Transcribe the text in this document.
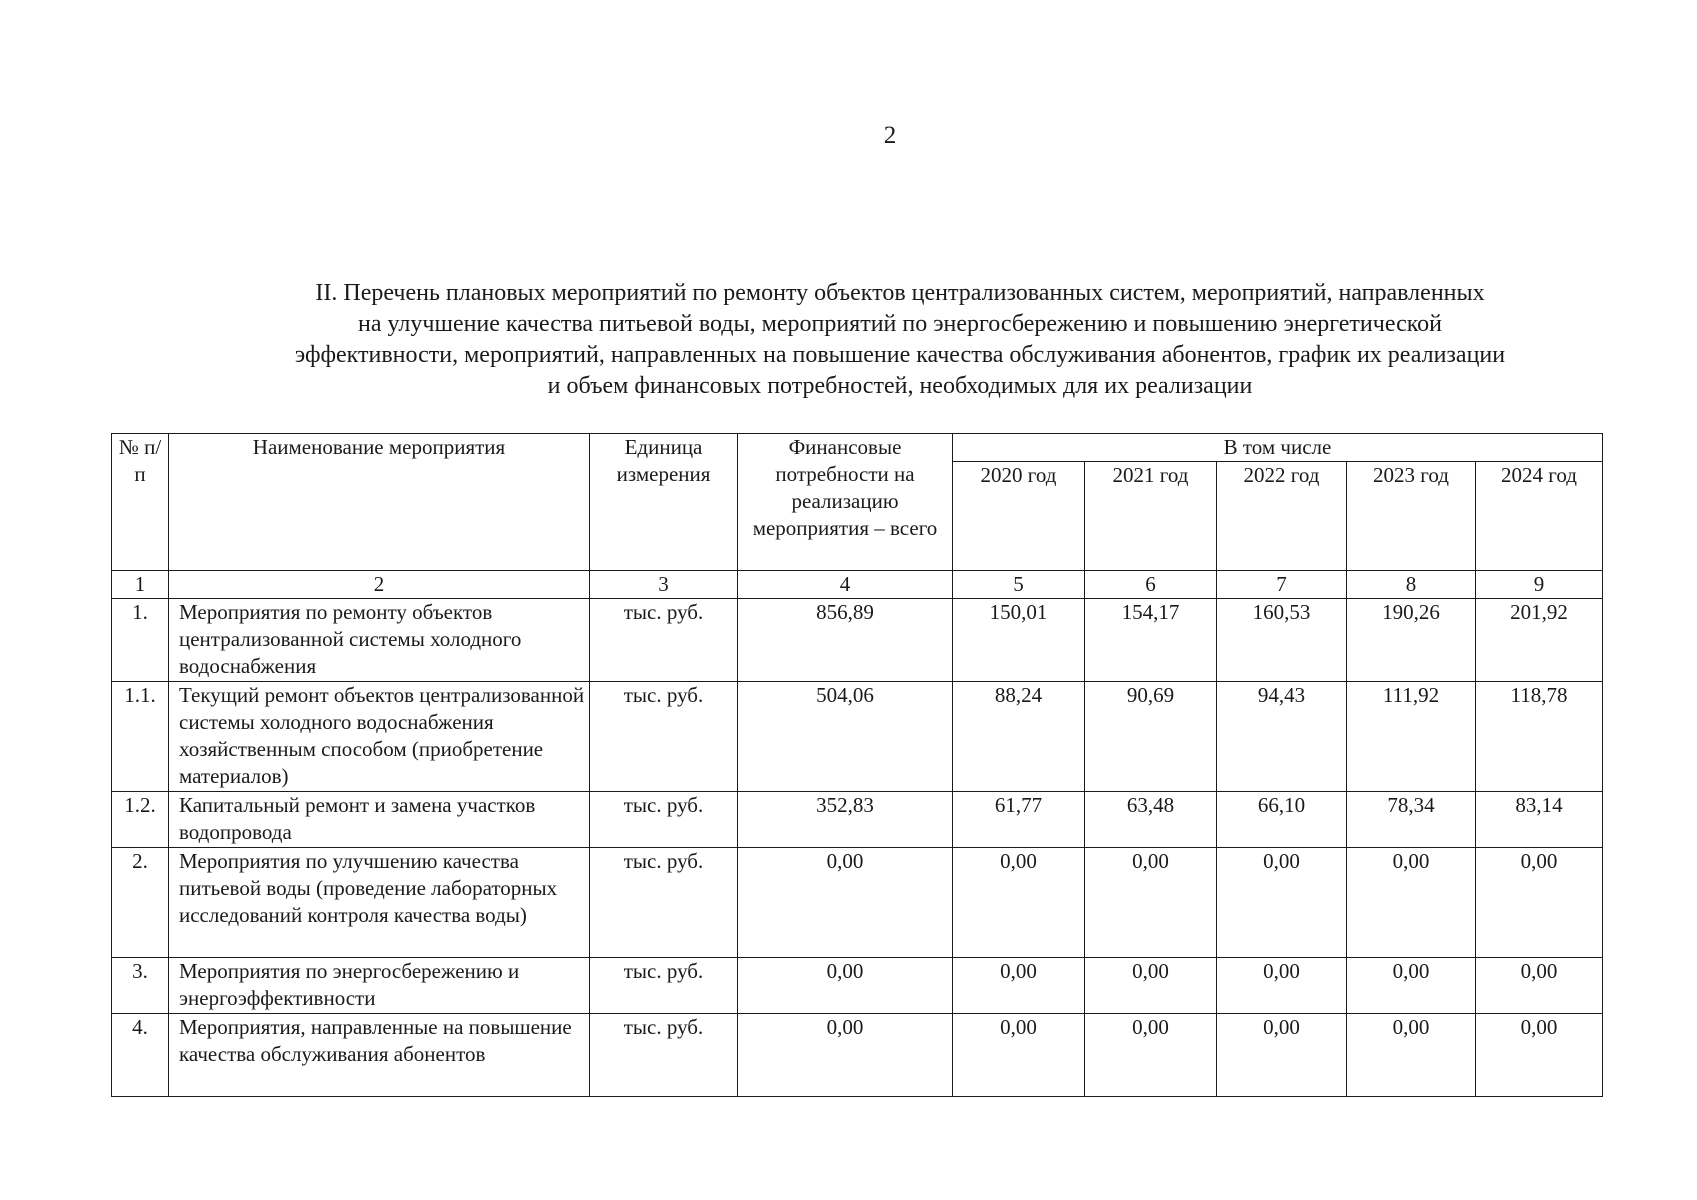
2
II. Перечень плановых мероприятий по ремонту объектов централизованных систем, мероприятий, направленных
на улучшение качества питьевой воды, мероприятий по энергосбережению и повышению энергетической
эффективности, мероприятий, направленных на повышение качества обслуживания абонентов, график их реализации
и объем финансовых потребностей, необходимых для их реализации
№ п/п	Наименование мероприятия	Единица измерения	Финансовые потребности на реализацию мероприятия – всего	В том числе				
				2020 год	2021 год	2022 год	2023 год	2024 год
1	2	3	4	5	6	7	8	9
1.	Мероприятия по ремонту объектов централизованной системы холодного водоснабжения	тыс. руб.	856,89	150,01	154,17	160,53	190,26	201,92
1.1.	Текущий ремонт объектов централизованной системы холодного водоснабжения хозяйственным способом (приобретение материалов)	тыс. руб.	504,06	88,24	90,69	94,43	111,92	118,78
1.2.	Капитальный ремонт и замена участков водопровода	тыс. руб.	352,83	61,77	63,48	66,10	78,34	83,14
2.	Мероприятия по улучшению качества питьевой воды (проведение лабораторных исследований контроля качества воды)	тыс. руб.	0,00	0,00	0,00	0,00	0,00	0,00
3.	Мероприятия по энергосбережению и энергоэффективности	тыс. руб.	0,00	0,00	0,00	0,00	0,00	0,00
4.	Мероприятия, направленные на повышение качества обслуживания абонентов	тыс. руб.	0,00	0,00	0,00	0,00	0,00	0,00
